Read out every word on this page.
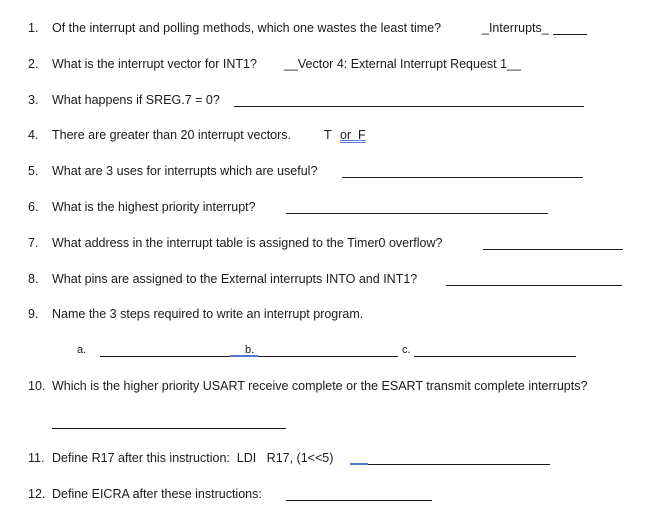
1. Of the interrupt and polling methods, which one wastes the least time?	_Interrupts_
2. What is the interrupt vector for INT1? __Vector 4: External Interrupt Request 1__
3. What happens if SREG.7 = 0?
4. There are greater than 20 interrupt vectors.	T or  F
5. What are 3 uses for interrupts which are useful?
6. What is the highest priority interrupt?
7. What address in the interrupt table is assigned to the Timer0 overflow?
8. What pins are assigned to the External interrupts INTO and INT1?
9. Name the 3 steps required to write an interrupt program.
a.	b.	c.
10. Which is the higher priority USART receive complete or the ESART transmit complete interrupts?
11. Define R17 after this instruction:  LDI   R17, (1<<5)
12. Define EICRA after these instructions:
